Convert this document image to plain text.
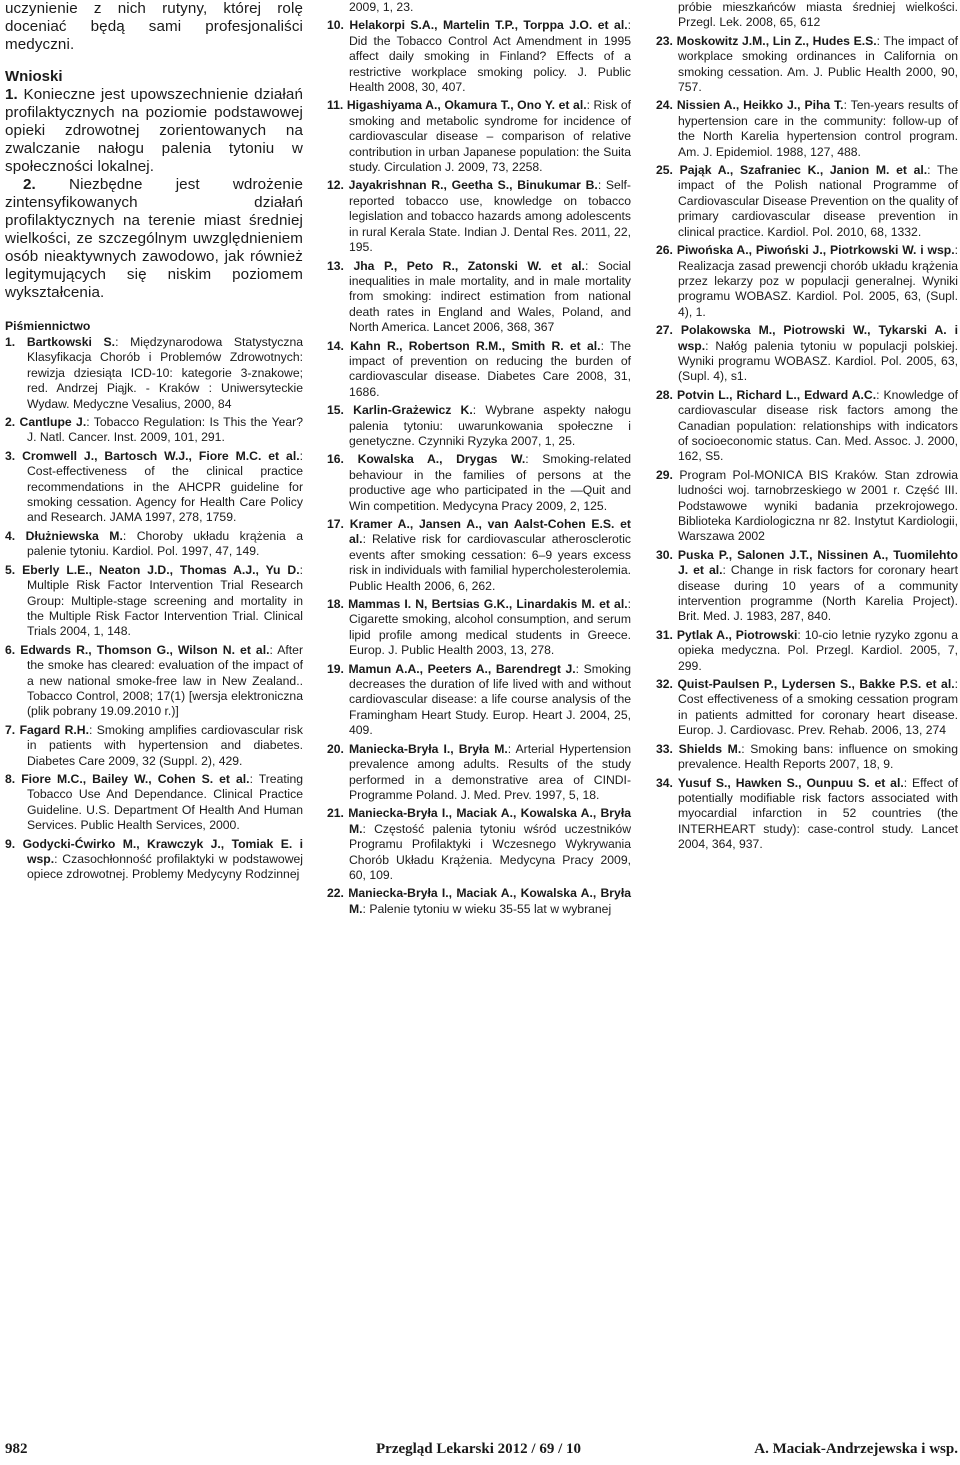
uczynienie z nich rutyny, której rolę doceniać będą sami profesjonaliści medyczni.

Wnioski

1. Konieczne jest upowszechnienie działań profilaktycznych na poziomie podstawowej opieki zdrowotnej zorientowanych na zwalczanie nałogu palenia tytoniu w społeczności lokalnej.

2. Niezbędne jest wdrożenie zintensyfikowanych działań profilaktycznych na terenie miast średniej wielkości, ze szczególnym uwzględnieniem osób nieaktywnych zawodowo, jak również legitymujących się niskim poziomem wykształcenia.

Piśmiennictwo

1. Bartkowski S.: Międzynarodowa Statystyczna Klasyfikacja Chorób i Problemów Zdrowotnych: rewizja dziesiąta ICD-10: kategorie 3-znakowe; red. Andrzej Piąjk. - Kraków : Uniwersyteckie Wydaw. Medyczne Vesalius, 2000, 84

2. Cantlupe J.: Tobacco Regulation: Is This the Year? J. Natl. Cancer. Inst. 2009, 101, 291.

3. Cromwell J., Bartosch W.J., Fiore M.C. et al.: Cost-effectiveness of the clinical practice recommendations in the AHCPR guideline for smoking cessation. Agency for Health Care Policy and Research. JAMA 1997, 278, 1759.

4. Dłużniewska M.: Choroby układu krążenia a palenie tytoniu. Kardiol. Pol. 1997, 47, 149.

5. Eberly L.E., Neaton J.D., Thomas A.J., Yu D.: Multiple Risk Factor Intervention Trial Research Group: Multiple-stage screening and mortality in the Multiple Risk Factor Intervention Trial. Clinical Trials 2004, 1, 148.

6. Edwards R., Thomson G., Wilson N. et al.: After the smoke has cleared: evaluation of the impact of a new national smoke-free law in New Zealand.. Tobacco Control, 2008; 17(1) [wersja elektroniczna (plik pobrany 19.09.2010 r.)]

7. Fagard R.H.: Smoking amplifies cardiovascular risk in patients with hypertension and diabetes. Diabetes Care 2009, 32 (Suppl. 2), 429.

8. Fiore M.C., Bailey W., Cohen S. et al.: Treating Tobacco Use And Dependance. Clinical Practice Guideline. U.S. Department Of Health And Human Services. Public Health Services, 2000.

9. Godycki-Ćwirko M., Krawczyk J., Tomiak E. i wsp.: Czasochłonność profilaktyki w podstawowej opiece zdrowotnej. Problemy Medycyny Rodzinnej

2009, 1, 23.

10. Helakorpi S.A., Martelin T.P., Torppa J.O. et al.: Did the Tobacco Control Act Amendment in 1995 affect daily smoking in Finland? Effects of a restrictive workplace smoking policy. J. Public Health 2008, 30, 407.

11. Higashiyama A., Okamura T., Ono Y. et al.: Risk of smoking and metabolic syndrome for incidence of cardiovascular disease – comparison of relative contribution in urban Japanese population: the Suita study. Circulation J. 2009, 73, 2258.

12. Jayakrishnan R., Geetha S., Binukumar B.: Self-reported tobacco use, knowledge on tobacco legislation and tobacco hazards among adolescents in rural Kerala State. Indian J. Dental Res. 2011, 22, 195.

13. Jha P., Peto R., Zatonski W. et al.: Social inequalities in male mortality, and in male mortality from smoking: indirect estimation from national death rates in England and Wales, Poland, and North America. Lancet 2006, 368, 367

14. Kahn R., Robertson R.M., Smith R. et al.: The impact of prevention on reducing the burden of cardiovascular disease. Diabetes Care 2008, 31, 1686.

15. Karlin-Grażewicz K.: Wybrane aspekty nałogu palenia tytoniu: uwarunkowania społeczne i genetyczne. Czynniki Ryzyka 2007, 1, 25.

16. Kowalska A., Drygas W.: Smoking-related behaviour in the families of persons at the productive age who participated in the ―Quit and Win competition. Medycyna Pracy 2009, 2, 125.

17. Kramer A., Jansen A., van Aalst-Cohen E.S. et al.: Relative risk for cardiovascular atherosclerotic events after smoking cessation: 6–9 years excess risk in individuals with familial hypercholesterolemia. Public Health 2006, 6, 262.

18. Mammas I. N, Bertsias G.K., Linardakis M. et al.: Cigarette smoking, alcohol consumption, and serum lipid profile among medical students in Greece. Europ. J. Public Health 2003, 13, 278.

19. Mamun A.A., Peeters A., Barendregt J.: Smoking decreases the duration of life lived with and without cardiovascular disease: a life course analysis of the Framingham Heart Study. Europ. Heart J. 2004, 25, 409.

20. Maniecka-Bryła I., Bryła M.: Arterial Hypertension prevalence among adults. Results of the study performed in a demonstrative area of CINDI-Programme Poland. J. Med. Prev. 1997, 5, 18.

21. Maniecka-Bryła I., Maciak A., Kowalska A., Bryła M.: Częstość palenia tytoniu wśród uczestników Programu Profilaktyki i Wczesnego Wykrywania Chorób Układu Krążenia. Medycyna Pracy 2009, 60, 109.

22. Maniecka-Bryła I., Maciak A., Kowalska A., Bryła M.: Palenie tytoniu w wieku 35-55 lat w wybranej

próbie mieszkańców miasta średniej wielkości. Przegl. Lek. 2008, 65, 612

23. Moskowitz J.M., Lin Z., Hudes E.S.: The impact of workplace smoking ordinances in California on smoking cessation. Am. J. Public Health 2000, 90, 757.

24. Nissien A., Heikko J., Piha T.: Ten-years results of hypertension care in the community: follow-up of the North Karelia hypertension control program. Am. J. Epidemiol. 1988, 127, 488.

25. Pająk A., Szafraniec K., Janion M. et al.: The impact of the Polish national Programme of Cardiovascular Disease Prevention on the quality of primary cardiovascular disease prevention in clinical practice. Kardiol. Pol. 2010, 68, 1332.

26. Piwońska A., Piwoński J., Piotrkowski W. i wsp.: Realizacja zasad prewencji chorób układu krążenia przez lekarzy poz w populacji generalnej. Wyniki programu WOBASZ. Kardiol. Pol. 2005, 63, (Supl. 4), 1.

27. Polakowska M., Piotrowski W., Tykarski A. i wsp.: Nałóg palenia tytoniu w populacji polskiej. Wyniki programu WOBASZ. Kardiol. Pol. 2005, 63, (Supl. 4), s1.

28. Potvin L., Richard L., Edward A.C.: Knowledge of cardiovascular disease risk factors among the Canadian population: relationships with indicators of socioeconomic status. Can. Med. Assoc. J. 2000, 162, S5.

29. Program Pol-MONICA BIS Kraków. Stan zdrowia ludności woj. tarnobrzeskiego w 2001 r. Część III. Podstawowe wyniki badania przekrojowego. Biblioteka Kardiologiczna nr 82. Instytut Kardiologii, Warszawa 2002

30. Puska P., Salonen J.T., Nissinen A., Tuomilehto J. et al.: Change in risk factors for coronary heart disease during 10 years of a community intervention programme (North Karelia Project). Brit. Med. J. 1983, 287, 840.

31. Pytlak A., Piotrowski: 10-cio letnie ryzyko zgonu a opieka medyczna. Pol. Przegl. Kardiol. 2005, 7, 299.

32. Quist-Paulsen P., Lydersen S., Bakke P.S. et al.: Cost effectiveness of a smoking cessation program in patients admitted for coronary heart disease. Europ. J. Cardiovasc. Prev. Rehab. 2006, 13, 274

33. Shields M.: Smoking bans: influence on smoking prevalence. Health Reports 2007, 18, 9.

34. Yusuf S., Hawken S., Ounpuu S. et al.: Effect of potentially modifiable risk factors associated with myocardial infarction in 52 countries (the INTERHEART study): case-control study. Lancet 2004, 364, 937.

982	Przegląd Lekarski 2012 / 69 / 10	A. Maciak-Andrzejewska i wsp.
